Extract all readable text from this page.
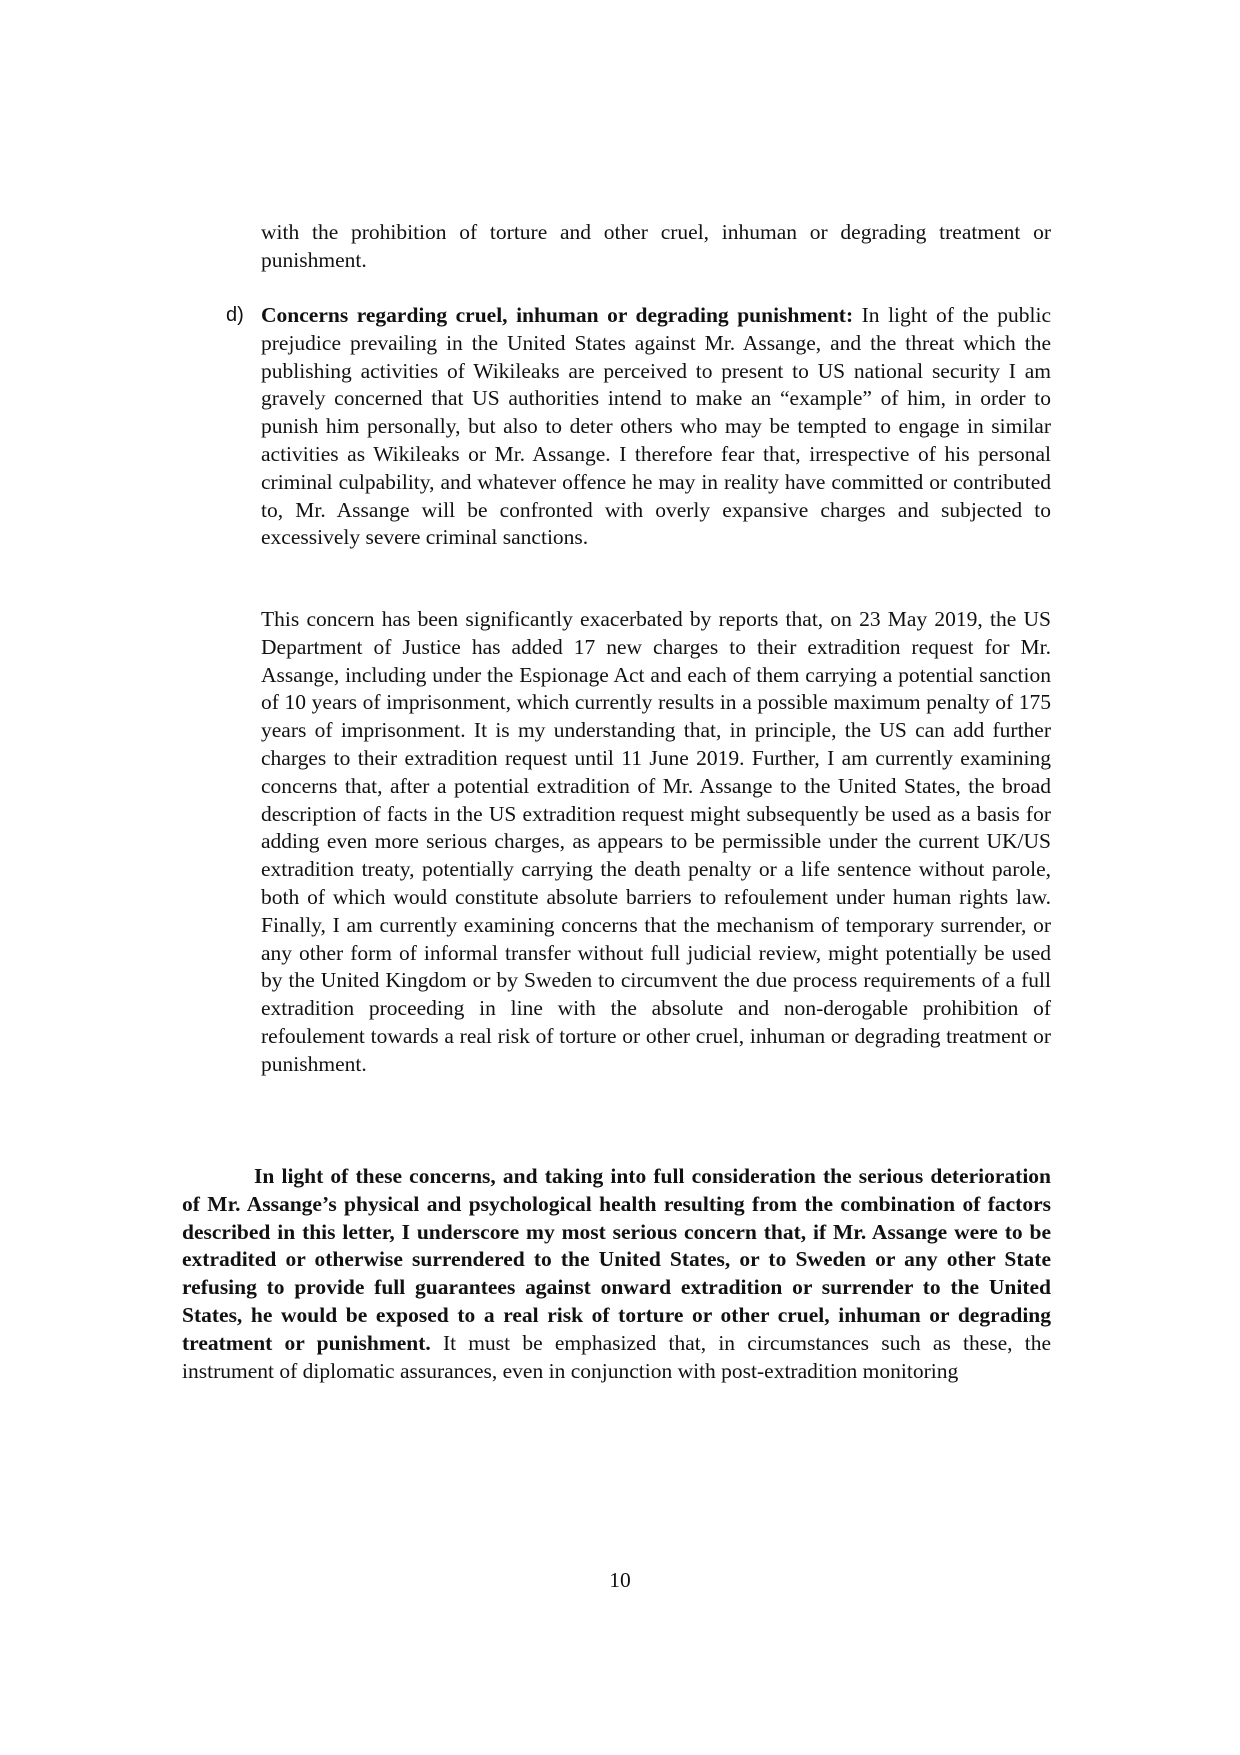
with the prohibition of torture and other cruel, inhuman or degrading treatment or punishment.

d) Concerns regarding cruel, inhuman or degrading punishment: In light of the public prejudice prevailing in the United States against Mr. Assange, and the threat which the publishing activities of Wikileaks are perceived to present to US national security I am gravely concerned that US authorities intend to make an “example” of him, in order to punish him personally, but also to deter others who may be tempted to engage in similar activities as Wikileaks or Mr. Assange. I therefore fear that, irrespective of his personal criminal culpability, and whatever offence he may in reality have committed or contributed to, Mr. Assange will be confronted with overly expansive charges and subjected to excessively severe criminal sanctions.

This concern has been significantly exacerbated by reports that, on 23 May 2019, the US Department of Justice has added 17 new charges to their extradition request for Mr. Assange, including under the Espionage Act and each of them carrying a potential sanction of 10 years of imprisonment, which currently results in a possible maximum penalty of 175 years of imprisonment. It is my understanding that, in principle, the US can add further charges to their extradition request until 11 June 2019. Further, I am currently examining concerns that, after a potential extradition of Mr. Assange to the United States, the broad description of facts in the US extradition request might subsequently be used as a basis for adding even more serious charges, as appears to be permissible under the current UK/US extradition treaty, potentially carrying the death penalty or a life sentence without parole, both of which would constitute absolute barriers to refoulement under human rights law. Finally, I am currently examining concerns that the mechanism of temporary surrender, or any other form of informal transfer without full judicial review, might potentially be used by the United Kingdom or by Sweden to circumvent the due process requirements of a full extradition proceeding in line with the absolute and non-derogable prohibition of refoulement towards a real risk of torture or other cruel, inhuman or degrading treatment or punishment.

In light of these concerns, and taking into full consideration the serious deterioration of Mr. Assange’s physical and psychological health resulting from the combination of factors described in this letter, I underscore my most serious concern that, if Mr. Assange were to be extradited or otherwise surrendered to the United States, or to Sweden or any other State refusing to provide full guarantees against onward extradition or surrender to the United States, he would be exposed to a real risk of torture or other cruel, inhuman or degrading treatment or punishment. It must be emphasized that, in circumstances such as these, the instrument of diplomatic assurances, even in conjunction with post-extradition monitoring

10
